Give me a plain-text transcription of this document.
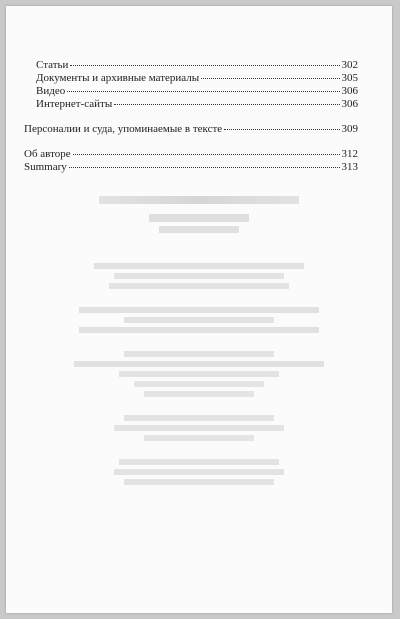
Статьи	302
Документы и архивные материалы	305
Видео	306
Интернет-сайты	306
Персоналии и суда, упоминаемые в тексте	309
Об авторе	312
Summary	313
